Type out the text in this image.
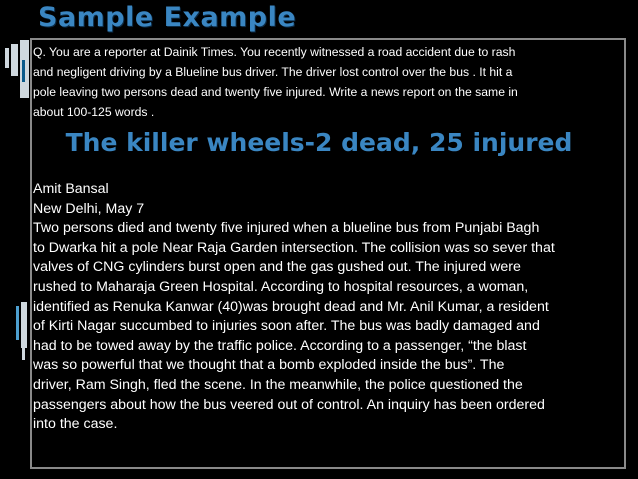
Sample Example
Q. You are a reporter at Dainik Times. You recently witnessed a road accident due to rash
and negligent driving by a Blueline bus driver. The driver lost control over the bus . It hit a
pole leaving two persons dead and twenty five injured. Write a news report on the same in
about 100-125 words .
The killer wheels-2 dead, 25 injured
Amit Bansal
New Delhi, May 7
Two persons died and twenty five injured when a blueline bus from Punjabi Bagh
to Dwarka hit a pole Near Raja Garden intersection. The collision was so sever that
valves of CNG cylinders burst open and the gas gushed out. The injured were
rushed to Maharaja Green Hospital. According to hospital resources, a woman,
identified as Renuka Kanwar (40)was brought dead and Mr. Anil Kumar, a resident
of Kirti Nagar succumbed to injuries soon after. The bus was badly damaged and
had to be towed away by the traffic police. According to a passenger, “the blast
was so powerful that we thought that a bomb exploded inside the bus”. The
driver, Ram Singh, fled the scene. In the meanwhile, the police questioned the
passengers about how the bus veered out of control. An inquiry has been ordered
into the case.
